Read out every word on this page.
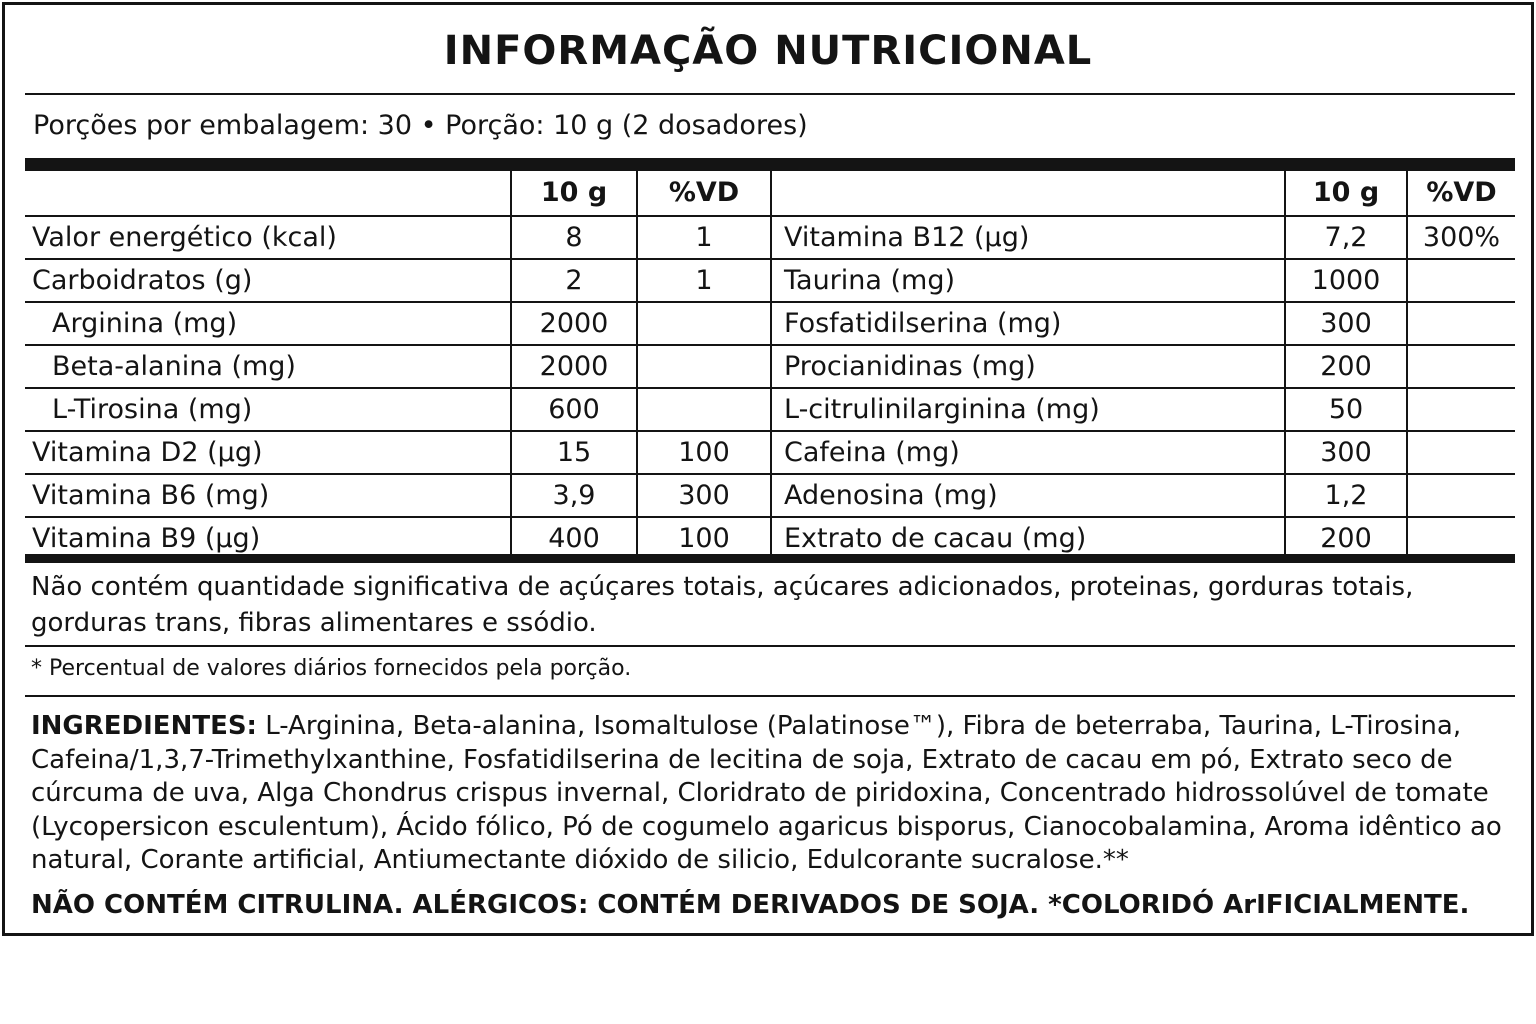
INFORMAÇÃO NUTRICIONAL
Porções por embalagem: 30 • Porção: 10 g (2 dosadores)
	10 g	%VD		10 g	%VD
Valor energético (kcal)	8	1	Vitamina B12 (µg)	7,2	300%
Carboidratos (g)	2	1	Taurina (mg)	1000	
Arginina (mg)	2000		Fosfatidilserina (mg)	300	
Beta-alanina (mg)	2000		Procianidinas (mg)	200	
L-Tirosina (mg)	600		L-citrulinilarginina (mg)	50	
Vitamina D2 (µg)	15	100	Cafeina (mg)	300	
Vitamina B6 (mg)	3,9	300	Adenosina (mg)	1,2	
Vitamina B9 (µg)	400	100	Extrato de cacau (mg)	200	
Não contém quantidade significativa de açúçares totais, açúcares adicionados, proteinas, gorduras totais, gorduras trans, fibras alimentares e ssódio.
* Percentual de valores diários fornecidos pela porção.
INGREDIENTES: L-Arginina, Beta-alanina, Isomaltulose (Palatinose™), Fibra de beterraba, Taurina, L-Tirosina, Cafeina/1,3,7-Trimethylxanthine, Fosfatidilserina de lecitina de soja, Extrato de cacau em pó, Extrato seco de cúrcuma de uva, Alga Chondrus crispus invernal, Cloridrato de piridoxina, Concentrado hidrossolúvel de tomate (Lycopersicon esculentum), Ácido fólico, Pó de cogumelo agaricus bisporus, Cianocobalamina, Aroma idêntico ao natural, Corante artificial, Antiumectante dióxido de silicio, Edulcorante sucralose.**
NÃO CONTÉM CITRULINA. ALÉRGICOS: CONTÉM DERIVADOS DE SOJA. *COLORIDÓ ArIFICIALMENTE.
